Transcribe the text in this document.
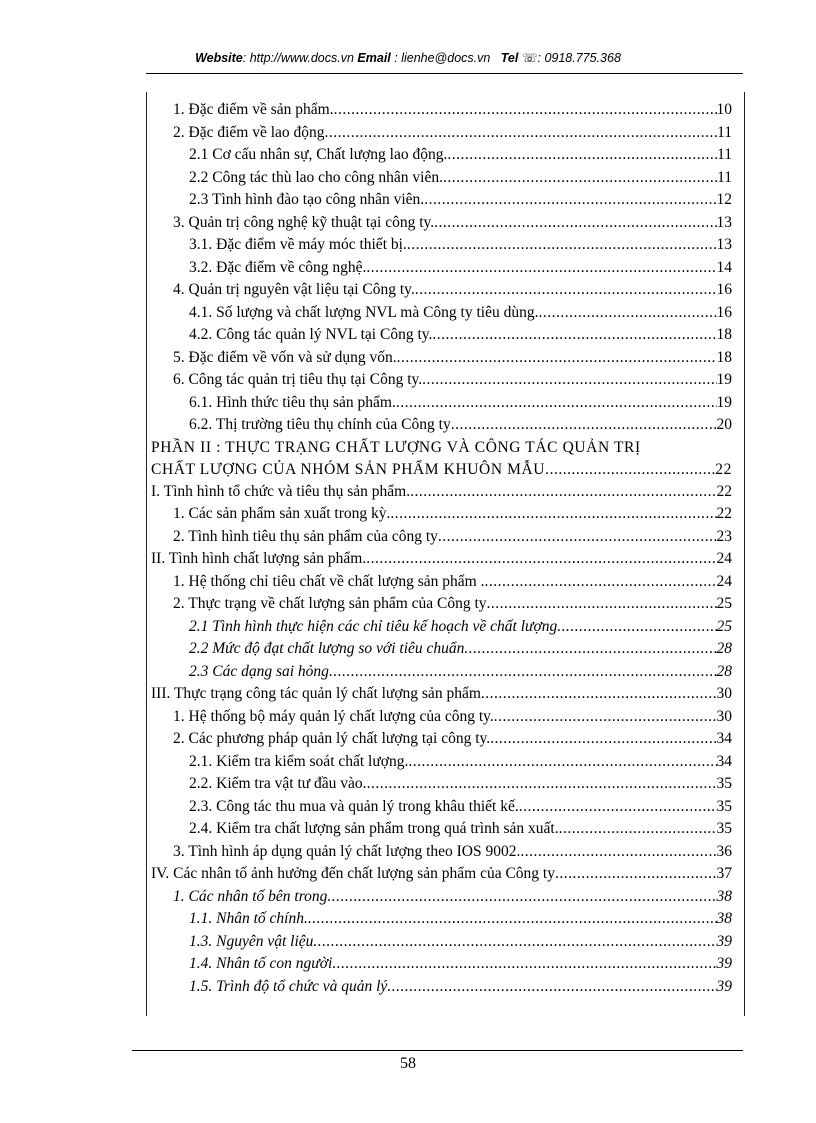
Website: http://www.docs.vn Email : lienhe@docs.vn Tel ☏: 0918.775.368
1. Đặc điểm về sản phẩm. .....	10
2. Đặc điểm về lao động .....	11
2.1 Cơ cấu nhân sự, Chất lượng lao động. .....	11
2.2 Công tác thù lao cho công nhân viên. .....	11
2.3 Tình hình đào tạo công nhân viên. .....	12
3. Quản trị công nghệ kỹ thuật tại công ty. .....	13
3.1. Đặc điểm về máy móc thiết bị. .....	13
3.2. Đặc điểm về công nghệ. .....	14
4. Quản trị nguyên vật liệu tại Công ty. .....	16
4.1. Số lượng và chất lượng NVL mà Công ty tiêu dùng. .....	16
4.2. Công tác quản lý NVL tại Công ty. .....	18
5. Đặc điểm về vốn và sử dụng vốn. .....	18
6. Công tác quản trị tiêu thụ tại Công ty. .....	19
6.1. Hình thức tiêu thụ sản phẩm. .....	19
6.2. Thị trường tiêu thụ chính của Công ty .....	20
PHẦN II : THỰC TRẠNG CHẤT LƯỢNG VÀ CÔNG TÁC QUẢN TRỊ
CHẤT LƯỢNG CỦA NHÓM SẢN PHẨM KHUÔN MẪU. .....	22
I. Tình hình tổ chức và tiêu thụ sản phẩm. .....	22
1. Các sản phẩm sản xuất trong kỳ. .....	22
2. Tình hình tiêu thụ sản phẩm của công ty .....	23
II. Tình hình chất lượng sản phẩm. .....	24
1. Hệ thống chỉ tiêu chất về chất lượng sản phẩm . .....	24
2. Thực trạng về chất lượng sản phẩm của Công ty .....	25
2.1 Tình hình thực hiện các chỉ tiêu kế hoạch về chất lượng .....	25
2.2 Mức độ đạt chất lượng so với tiêu chuẩn .....	28
2.3 Các dạng sai hỏng .....	28
III. Thực trạng công tác quản lý chất lượng sản phẩm .....	30
1. Hệ thống bộ máy quản lý chất lượng của công ty. .....	30
2. Các phương pháp quản lý chất lượng tại công ty. .....	34
2.1. Kiểm tra kiểm soát chất lượng. .....	34
2.2. Kiểm tra vật tư đầu vào. .....	35
2.3. Công tác thu mua và quản lý trong khâu thiết kế. .....	35
2.4. Kiểm tra chất lượng sản phẩm trong quá trình sản xuất. .....	35
3. Tình hình áp dụng quản lý chất lượng theo IOS 9002. .....	36
IV. Các nhân tố ảnh hưởng đến chất lượng sản phẩm của Công ty .....	37
1. Các nhân tố bên trong .....	38
1.1. Nhân tố chính. .....	38
1.3. Nguyên vật liệu .....	39
1.4. Nhân tố con người .....	39
1.5. Trình độ tổ chức và quản lý .....	39
58
